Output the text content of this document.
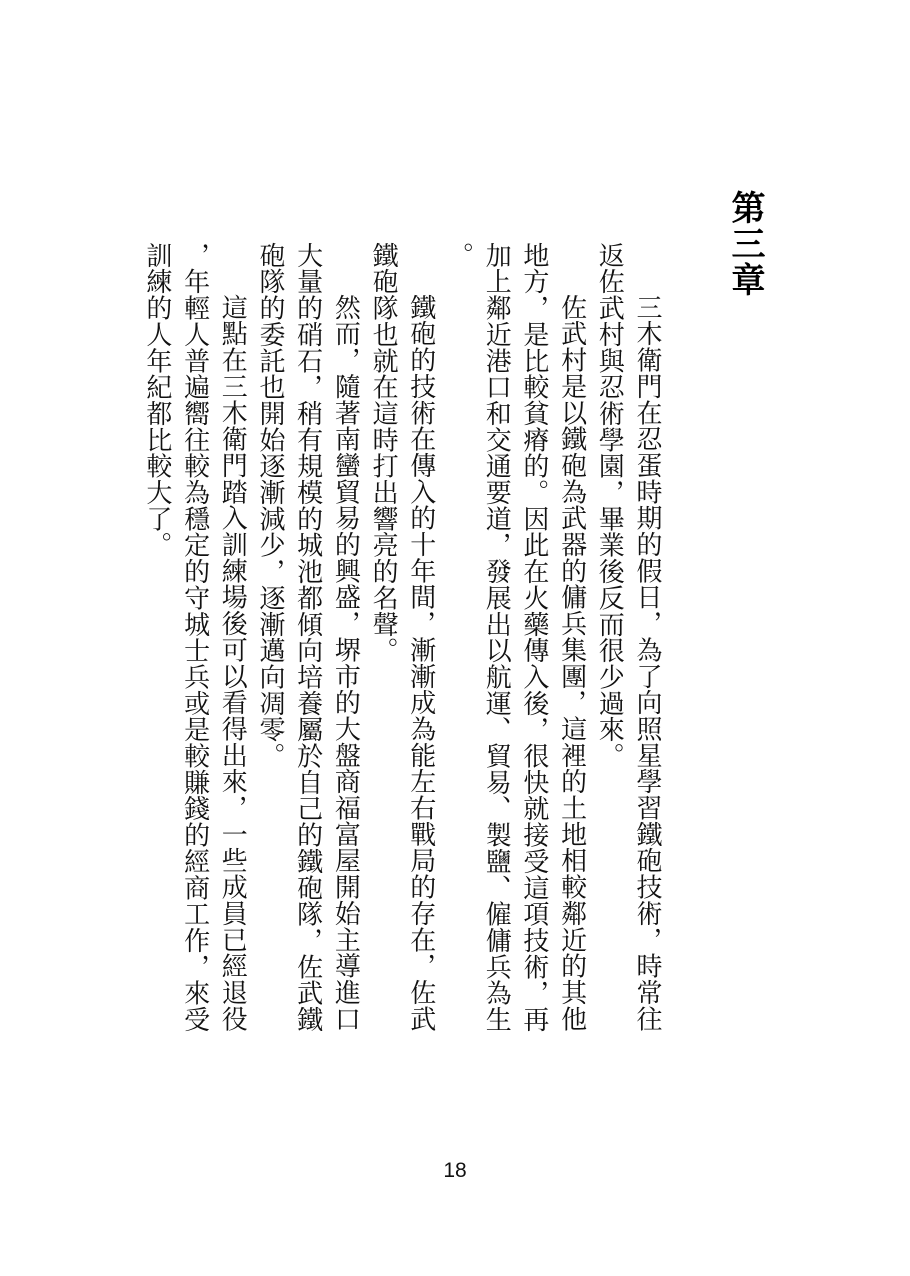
第三章

三木衛門在忍蛋時期的假日，為了向照星學習鐵砲技術，時常往返佐武村與忍術學園，畢業後反而很少過來。

佐武村是以鐵砲為武器的傭兵集團，這裡的土地相較鄰近的其他地方，是比較貧瘠的。因此在火藥傳入後，很快就接受這項技術，再加上鄰近港口和交通要道，發展出以航運、貿易、製鹽、僱傭兵為生。

鐵砲的技術在傳入的十年間，漸漸成為能左右戰局的存在，佐武鐵砲隊也就在這時打出響亮的名聲。

然而，隨著南蠻貿易的興盛，堺市的大盤商福富屋開始主導進口大量的硝石，稍有規模的城池都傾向培養屬於自己的鐵砲隊，佐武鐵砲隊的委託也開始逐漸減少，逐漸邁向凋零。

這點在三木衛門踏入訓練場後可以看得出來，一些成員已經退役，年輕人普遍嚮往較為穩定的守城士兵或是較賺錢的經商工作，來受訓練的人年紀都比較大了。

18
